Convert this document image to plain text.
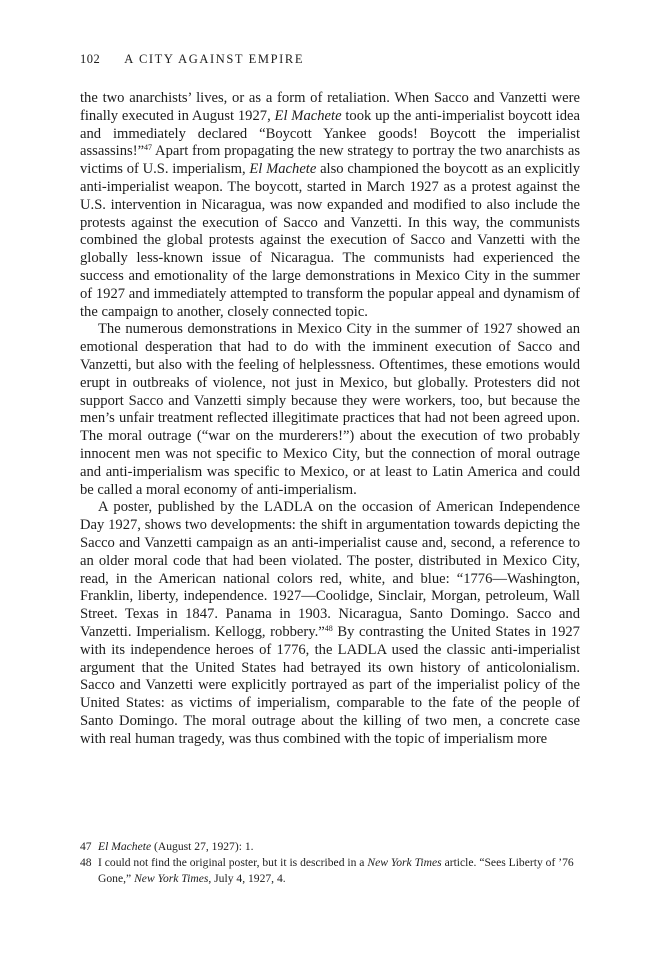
102 A CITY AGAINST EMPIRE

the two anarchists’ lives, or as a form of retaliation. When Sacco and Vanzetti were finally executed in August 1927, El Machete took up the anti-imperialist boycott idea and immediately declared “Boycott Yankee goods! Boycott the imperialist assassins!”$^{47}$ Apart from propagating the new strategy to portray the two anarchists as victims of U.S. imperialism, El Machete also championed the boycott as an explicitly anti-imperialist weapon. The boycott, started in March 1927 as a protest against the U.S. intervention in Nicaragua, was now expanded and modified to also include the protests against the execution of Sacco and Vanzetti. In this way, the communists combined the global protests against the execution of Sacco and Vanzetti with the globally less-known issue of Nicaragua. The communists had experienced the success and emotionality of the large demonstrations in Mexico City in the summer of 1927 and immediately attempted to transform the popular appeal and dynamism of the campaign to another, closely connected topic.

The numerous demonstrations in Mexico City in the summer of 1927 showed an emotional desperation that had to do with the imminent execution of Sacco and Vanzetti, but also with the feeling of helplessness. Oftentimes, these emotions would erupt in outbreaks of violence, not just in Mexico, but globally. Protesters did not support Sacco and Vanzetti simply because they were workers, too, but because the men’s unfair treatment reflected illegitimate practices that had not been agreed upon. The moral outrage (“war on the murderers!”) about the execution of two probably innocent men was not specific to Mexico City, but the connection of moral outrage and anti-imperialism was specific to Mexico, or at least to Latin America and could be called a moral economy of anti-imperialism.

A poster, published by the LADLA on the occasion of American Independence Day 1927, shows two developments: the shift in argumentation towards depicting the Sacco and Vanzetti campaign as an anti-imperialist cause and, second, a reference to an older moral code that had been violated. The poster, distributed in Mexico City, read, in the American national colors red, white, and blue: “1776—Washington, Franklin, liberty, independence. 1927—Coolidge, Sinclair, Morgan, petroleum, Wall Street. Texas in 1847. Panama in 1903. Nicaragua, Santo Domingo. Sacco and Vanzetti. Imperialism. Kellogg, robbery.”$^{48}$ By contrasting the United States in 1927 with its independence heroes of 1776, the LADLA used the classic anti-imperialist argument that the United States had betrayed its own history of anticolonialism. Sacco and Vanzetti were explicitly portrayed as part of the imperialist policy of the United States: as victims of imperialism, comparable to the fate of the people of Santo Domingo. The moral outrage about the killing of two men, a concrete case with real human tragedy, was thus combined with the topic of imperialism more

47 El Machete (August 27, 1927): 1.
48 I could not find the original poster, but it is described in a New York Times article. “Sees Liberty of ’76 Gone,” New York Times, July 4, 1927, 4.
